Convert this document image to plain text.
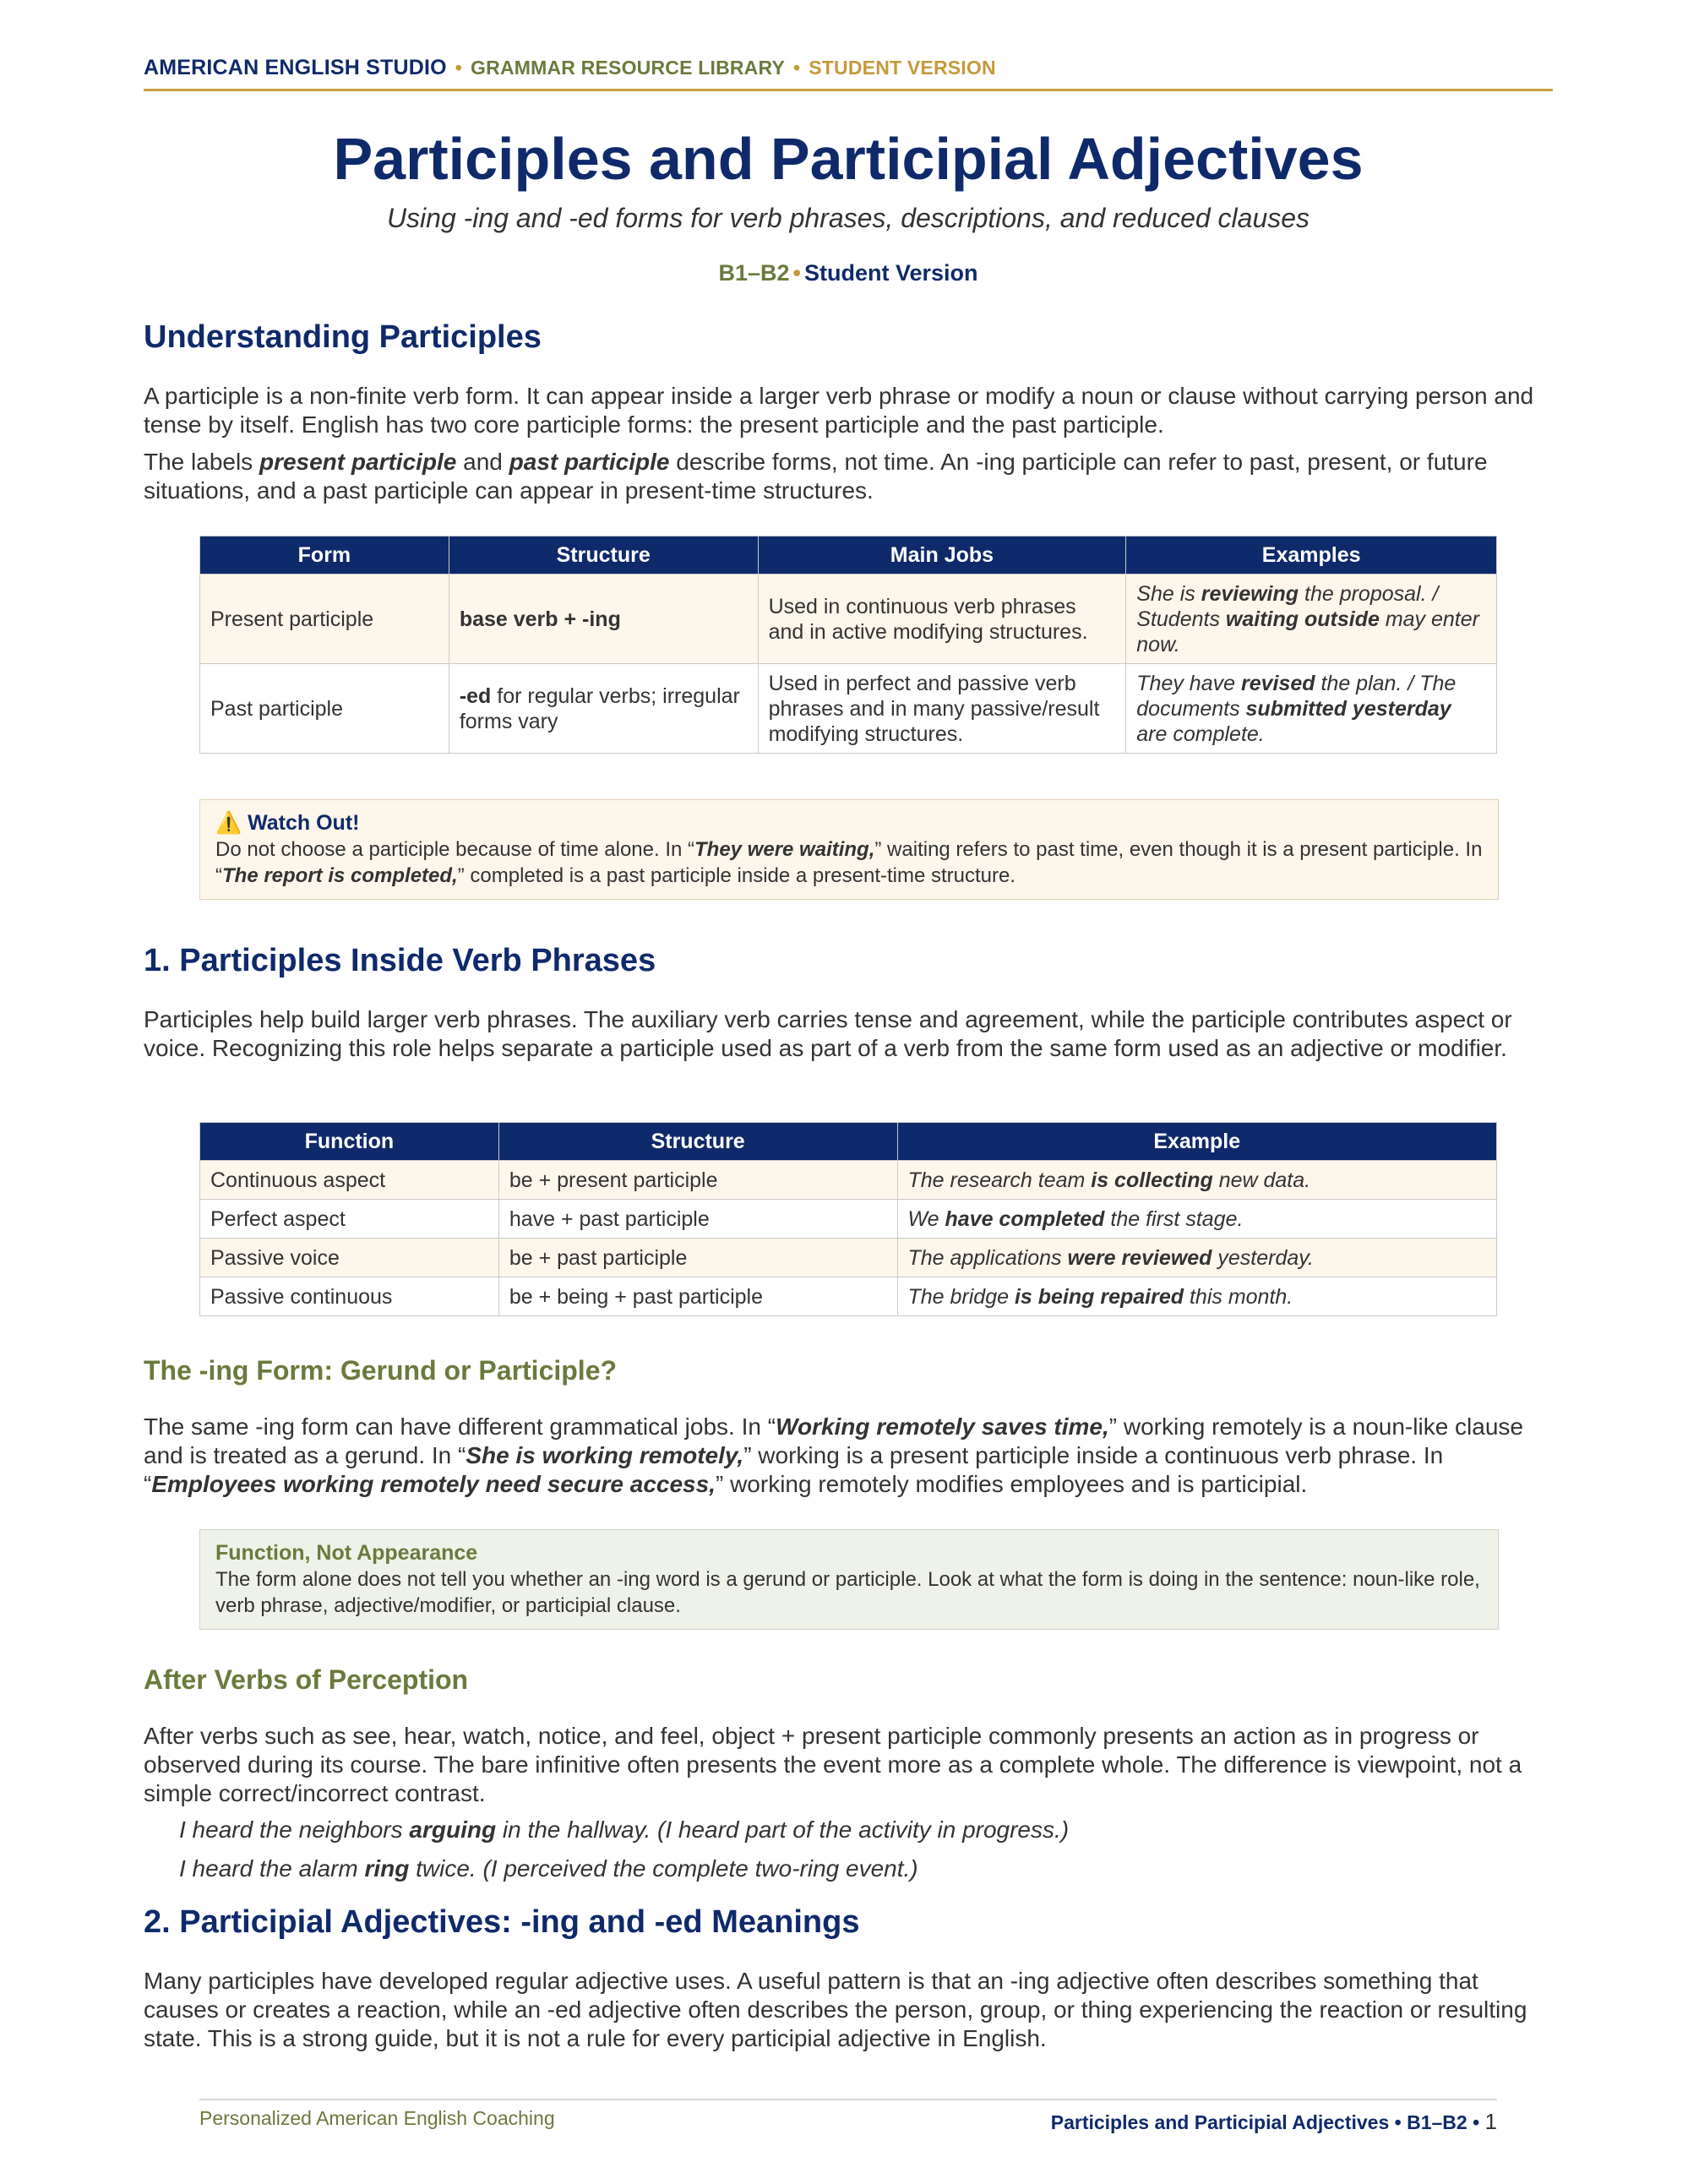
AMERICAN ENGLISH STUDIO • GRAMMAR RESOURCE LIBRARY • STUDENT VERSION
Participles and Participial Adjectives
Using -ing and -ed forms for verb phrases, descriptions, and reduced clauses
B1–B2 • Student Version
Understanding Participles

A participle is a non-finite verb form. It can appear inside a larger verb phrase or modify a noun or clause without carrying person and tense by itself. English has two core participle forms: the present participle and the past participle.

The labels present participle and past participle describe forms, not time. An -ing participle can refer to past, present, or future situations, and a past participle can appear in present-time structures.

Form	Structure	Main Jobs	Examples
Present participle	base verb + -ing	Used in continuous verb phrases and in active modifying structures.	She is reviewing the proposal. / Students waiting outside may enter now.
Past participle	-ed for regular verbs; irregular forms vary	Used in perfect and passive verb phrases and in many passive/result modifying structures.	They have revised the plan. / The documents submitted yesterday are complete.
⚠️ Watch Out!
Do not choose a participle because of time alone. In “They were waiting,” waiting refers to past time, even though it is a present participle. In “The report is completed,” completed is a past participle inside a present-time structure.
1. Participles Inside Verb Phrases

Participles help build larger verb phrases. The auxiliary verb carries tense and agreement, while the participle contributes aspect or voice. Recognizing this role helps separate a participle used as part of a verb from the same form used as an adjective or modifier.

Function	Structure	Example
Continuous aspect	be + present participle	The research team is collecting new data.
Perfect aspect	have + past participle	We have completed the first stage.
Passive voice	be + past participle	The applications were reviewed yesterday.
Passive continuous	be + being + past participle	The bridge is being repaired this month.
The -ing Form: Gerund or Participle?

The same -ing form can have different grammatical jobs. In “Working remotely saves time,” working remotely is a noun-like clause and is treated as a gerund. In “She is working remotely,” working is a present participle inside a continuous verb phrase. In “Employees working remotely need secure access,” working remotely modifies employees and is participial.

Function, Not Appearance
The form alone does not tell you whether an -ing word is a gerund or participle. Look at what the form is doing in the sentence: noun-like role, verb phrase, adjective/modifier, or participial clause.
After Verbs of Perception

After verbs such as see, hear, watch, notice, and feel, object + present participle commonly presents an action as in progress or observed during its course. The bare infinitive often presents the event more as a complete whole. The difference is viewpoint, not a simple correct/incorrect contrast.

I heard the neighbors arguing in the hallway. (I heard part of the activity in progress.)

I heard the alarm ring twice. (I perceived the complete two-ring event.)

2. Participial Adjectives: -ing and -ed Meanings

Many participles have developed regular adjective uses. A useful pattern is that an -ing adjective often describes something that causes or creates a reaction, while an -ed adjective often describes the person, group, or thing experiencing the reaction or resulting state. This is a strong guide, but it is not a rule for every participial adjective in English.

Personalized American English Coaching	Participles and Participial Adjectives • B1–B2 • 1
